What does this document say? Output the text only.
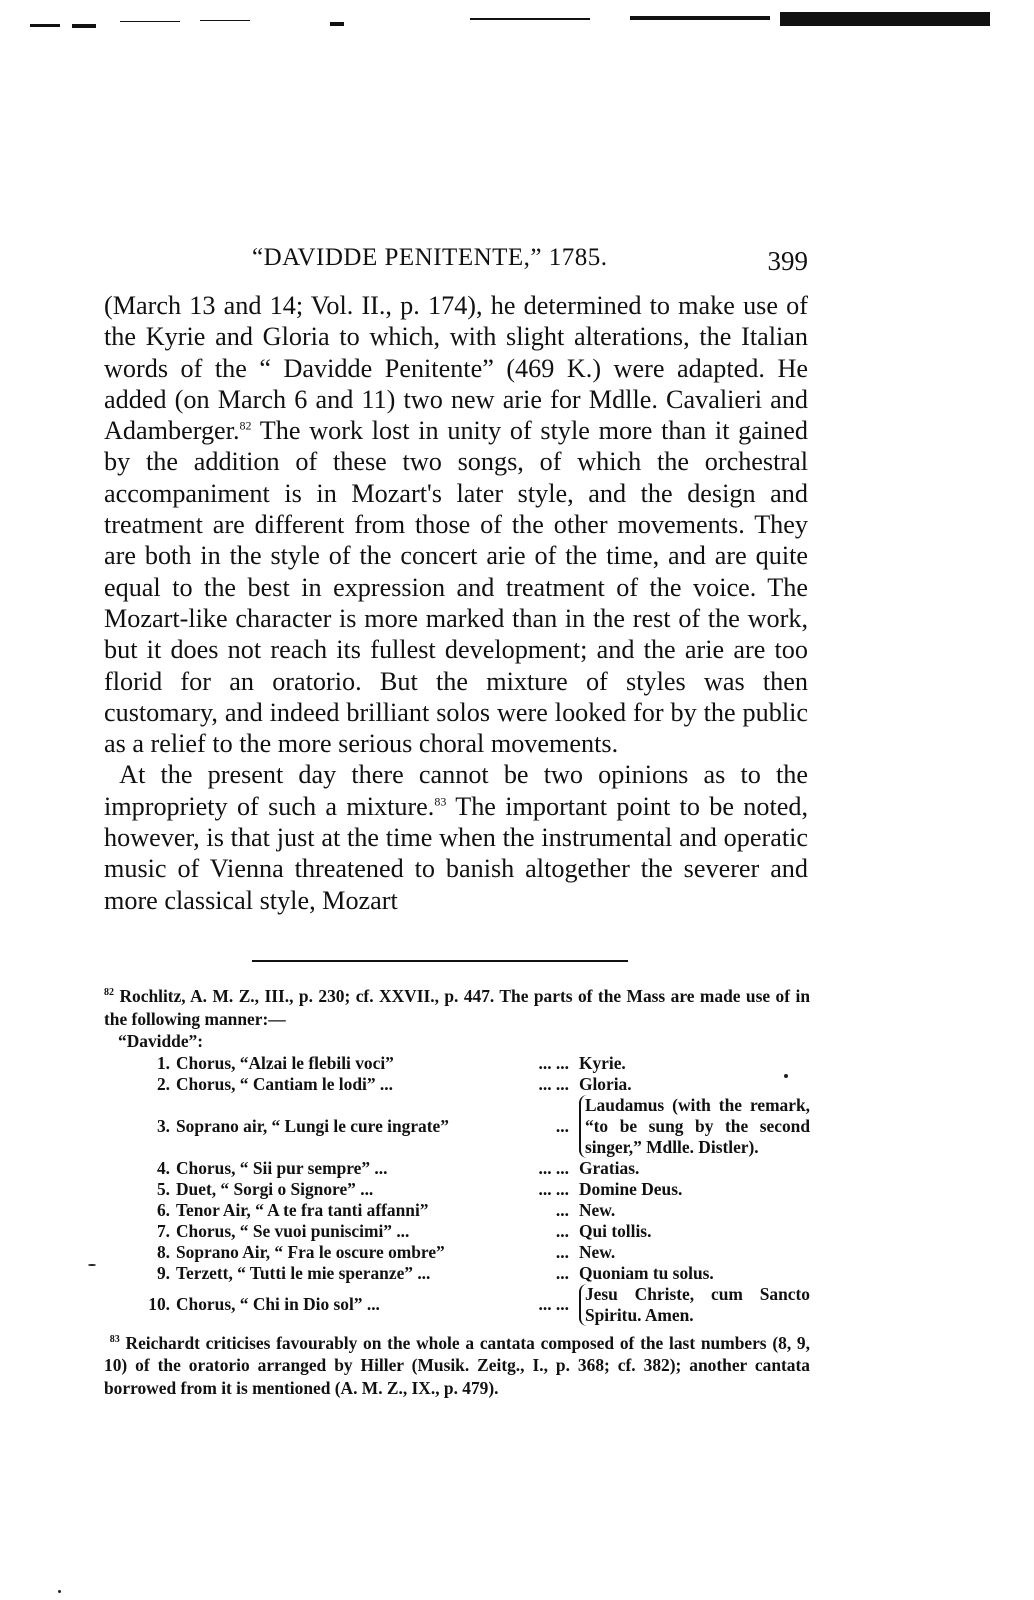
“DAVIDDE PENITENTE,” 1785.	399

(March 13 and 14; Vol. II., p. 174), he determined to make use of the Kyrie and Gloria to which, with slight alterations, the Italian words of the “ Davidde Penitente” (469 K.) were adapted. He added (on March 6 and 11) two new arie for Mdlle. Cavalieri and Adamberger.$^{82}$ The work lost in unity of style more than it gained by the addition of these two songs, of which the orchestral accompaniment is in Mozart's later style, and the design and treatment are different from those of the other movements. They are both in the style of the concert arie of the time, and are quite equal to the best in expression and treatment of the voice. The Mozart-like character is more marked than in the rest of the work, but it does not reach its fullest development; and the arie are too florid for an oratorio. But the mixture of styles was then customary, and indeed brilliant solos were looked for by the public as a relief to the more serious choral movements.

At the present day there cannot be two opinions as to the impropriety of such a mixture.$^{83}$ The important point to be noted, however, is that just at the time when the instrumental and operatic music of Vienna threatened to banish altogether the severer and more classical style, Mozart

$^{82}$ Rochlitz, A. M. Z., III., p. 230; cf. XXVII., p. 447. The parts of the Mass are made use of in the following manner:—

“Davidde”:

1. Chorus, “Alzai le flebili voci”	... ...	Kyrie.

2. Chorus, “ Cantiam le lodi” ...	... ...	Gloria.

3. Soprano air, “ Lungi le cure ingrate”	...	Laudamus (with the remark, “to be sung by the second singer,” Mdlle. Distler).

4. Chorus, “ Sii pur sempre” ...	... ...	Gratias.

5. Duet, “ Sorgi o Signore” ...	... ...	Domine Deus.

6. Tenor Air, “ A te fra tanti affanni”	...	New.

7. Chorus, “ Se vuoi puniscimi” ...	...	Qui tollis.

8. Soprano Air, “ Fra le oscure ombre”	...	New.

9. Terzett, “ Tutti le mie speranze” ...	...	Quoniam tu solus.

10. Chorus, “ Chi in Dio sol” ...	... ...	Jesu Christe, cum Sancto Spiritu. Amen.

$^{83}$ Reichardt criticises favourably on the whole a cantata composed of the last numbers (8, 9, 10) of the oratorio arranged by Hiller (Musik. Zeitg., I., p. 368; cf. 382); another cantata borrowed from it is mentioned (A. M. Z., IX., p. 479).
